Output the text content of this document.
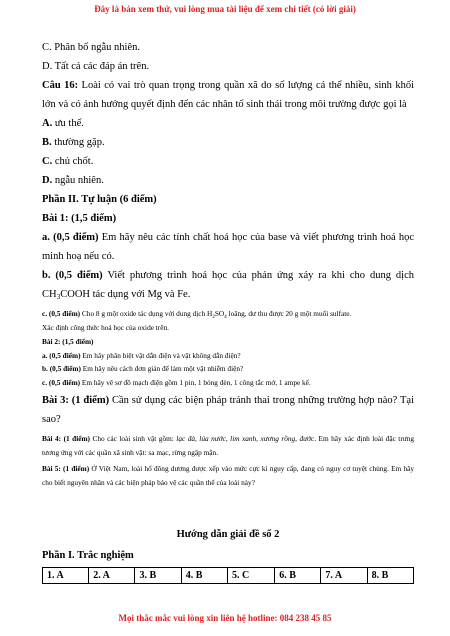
Đây là bản xem thử, vui lòng mua tài liệu để xem chi tiết (có lời giải)

C. Phân bố ngẫu nhiên.

D. Tất cả các đáp án trên.

Câu 16: Loài có vai trò quan trọng trong quần xã do số lượng cá thể nhiều, sinh khối lớn và có ảnh hưởng quyết định đến các nhân tố sinh thái trong môi trường được gọi là

A. ưu thế.

B. thường gặp.

C. chủ chốt.

D. ngẫu nhiên.

Phần II. Tự luận (6 điểm)

Bài 1: (1,5 điểm)

a. (0,5 điểm) Em hãy nêu các tính chất hoá học của base và viết phương trình hoá học minh hoạ nếu có.

b. (0,5 điểm) Viết phương trình hoá học của phản ứng xảy ra khi cho dung dịch

$CH_3COOH$ tác dụng với Mg và Fe.

c. (0,5 điểm) Cho 8 g một oxide tác dụng với dung dịch $H_2SO_4$ loãng, dư thu được 20 g một muối sulfate.

Xác định công thức hoá học của oxide trên.

Bài 2: (1,5 điểm)

a. (0,5 điểm) Em hãy phân biệt vật dẫn điện và vật không dẫn điện?

b. (0,5 điểm) Em hãy nêu cách đơn giản để làm một vật nhiễm điện?

c. (0,5 điểm) Em hãy vẽ sơ đồ mạch điện gồm 1 pin, 1 bóng đèn, 1 công tắc mở, 1 ampe kế.

Bài 3: (1 điểm) Cần sử dụng các biện pháp tránh thai trong những trường hợp nào? Tại sao?

Bài 4: (1 điểm) Cho các loài sinh vật gồm: lạc đà, lúa nước, lim xanh, xương rồng, đước. Em hãy xác định loài đặc trưng tương ứng với các quần xã sinh vật: sa mạc, rừng ngập mặn.

Bài 5: (1 điểm) Ở Việt Nam, loài hổ đông dương được xếp vào mức cực kì nguy cấp, đang có nguy cơ tuyệt chủng. Em hãy cho biết nguyên nhân và các biện pháp bảo vệ các quần thể của loài này?

Hướng dẫn giải đề số 2

Phần I. Trắc nghiệm

1. A	2. A	3. B	4. B	5. C	6. B	7. A	8. B
Mọi thắc mắc vui lòng xin liên hệ hotline: 084 238 45 85
